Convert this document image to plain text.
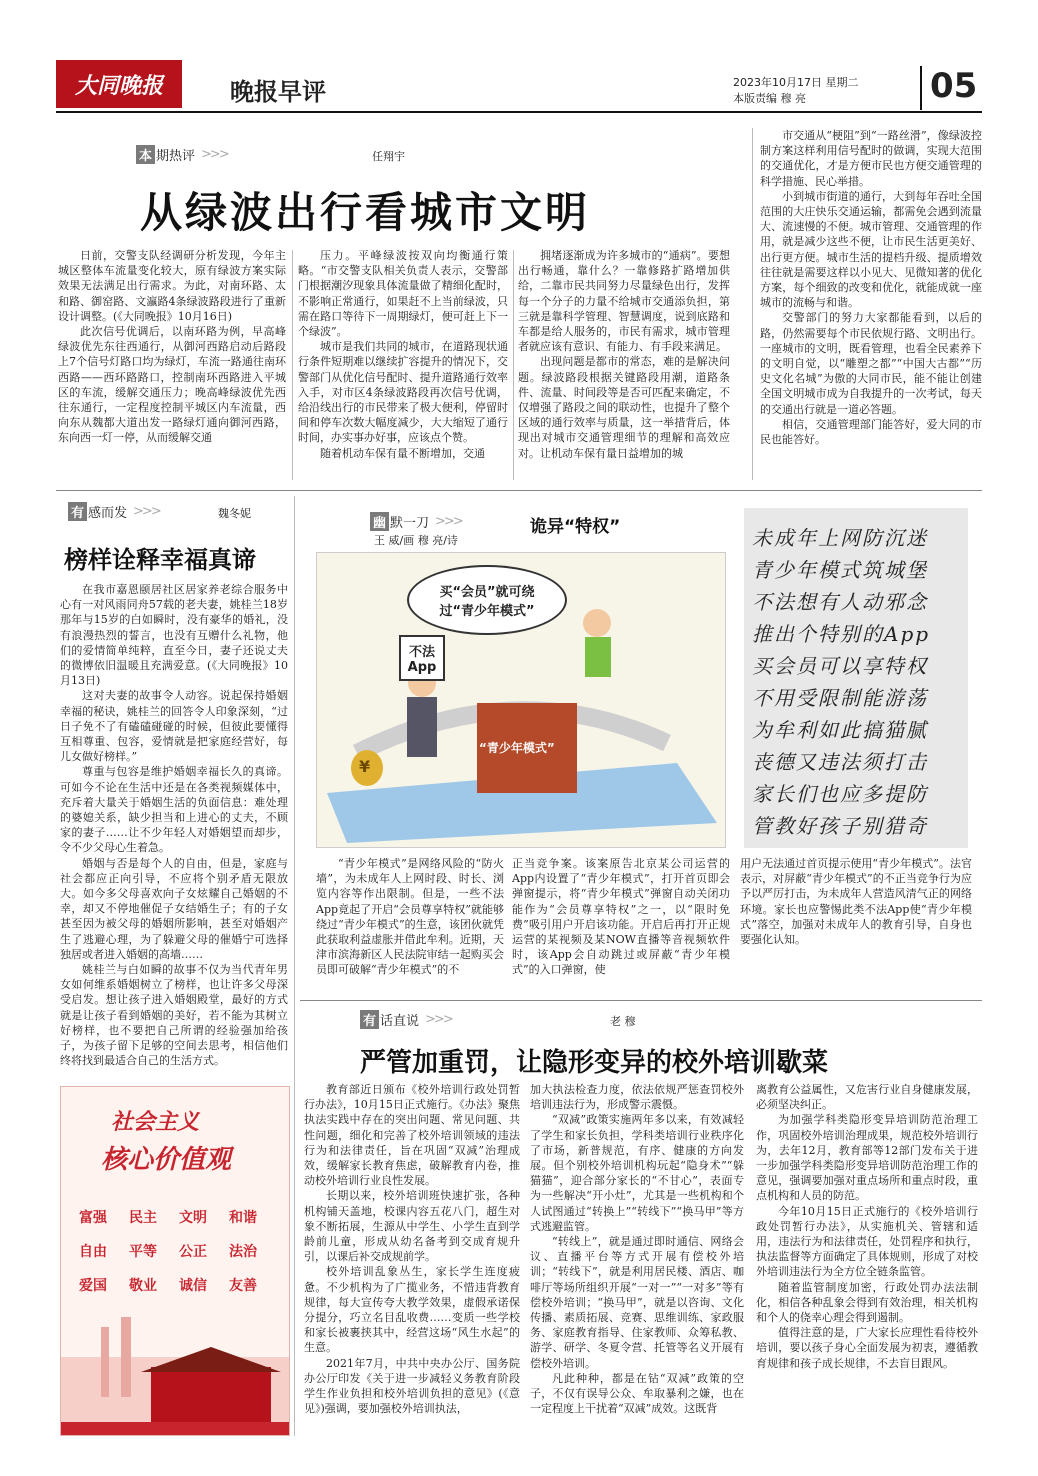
大同晚报	晚报早评	2023年10月17日 星期二
本版责编 穆 亮	05
本 期热评 >>>	任翔宇
从绿波出行看城市文明

日前，交警支队经调研分析发现，今年主城区整体车流量变化较大，原有绿波方案实际效果无法满足出行需求。为此，对南环路、太和路、御窑路、文瀛路4条绿波路段进行了重新设计调整。(《大同晚报》10月16日)

此次信号优调后，以南环路为例，早高峰绿波优先东往西通行，从御河西路启动后路段上7个信号灯路口均为绿灯，车流一路通往南环西路——西环路路口，控制南环西路进入平城区的车流，缓解交通压力；晚高峰绿波优先西往东通行，一定程度控制平城区内车流量，西向东从魏都大道出发一路绿灯通向御河西路，东向西一灯一停，从而缓解交通

压力。平峰绿波按双向均衡通行策略。“市交警支队相关负责人表示，交警部门根据潮汐现象具体流量做了精细化配时，不影响正常通行，如果赶不上当前绿波，只需在路口等待下一周期绿灯，便可赶上下一个绿波”。

城市是我们共同的城市，在道路现状通行条件短期难以继续扩容提升的情况下，交警部门从优化信号配时、提升道路通行效率入手，对市区4条绿波路段再次信号优调，给沿线出行的市民带来了极大便利，停留时间和停车次数大幅度减少，大大缩短了通行时间，办实事办好事，应该点个赞。

随着机动车保有量不断增加，交通

拥堵逐渐成为许多城市的“通病”。要想出行畅通，靠什么？一靠修路扩路增加供给，二靠市民共同努力尽量绿色出行，发挥每一个分子的力量不给城市交通添负担，第三就是靠科学管理、智慧调度，说到底路和车都是给人服务的，市民有需求，城市管理者就应该有意识、有能力、有手段来满足。

出现问题是都市的常态，难的是解决问题。绿波路段根据关键路段用潮，道路条件、流量、时间段等是否可匹配来确定，不仅增强了路段之间的联动性，也提升了整个区域的通行效率与质量，这一举措背后，体现出对城市交通管理细节的理解和高效应对。让机动车保有量日益增加的城

市交通从“梗阻”到“一路丝滑”，像绿波控制方案这样利用信号配时的做调，实现大范围的交通优化，才是方便市民也方便交通管理的科学措施、民心举措。

小到城市街道的通行，大到每年吞吐全国范围的大庄快乐交通运输，都需免会遇到流量大、流速慢的不便。城市管理、交通管理的作用，就是减少这些不便，让市民生活更美好、出行更方便。城市生活的提档升级、提质增效往往就是需要这样以小见大、见微知著的优化方案，每个细致的改变和优化，就能成就一座城市的流畅与和谐。

交警部门的努力大家都能看到，以后的路，仍然需要每个市民依规行路、文明出行。一座城市的文明，既看管理，也看全民素养下的文明自觉，以“雕塑之都”“中国大古都”“历史文化名城”为傲的大同市民，能不能让创建全国文明城市成为自我提升的一次考试，每天的交通出行就是一道必答题。

相信，交通管理部门能答好，爱大同的市民也能答好。

有 感而发 >>>	魏冬妮
榜样诠释幸福真谛

在我市嘉恩颐居社区居家养老综合服务中心有一对风雨同舟57载的老夫妻，姚桂兰18岁那年与15岁的白如瞬时，没有豪华的婚礼，没有浪漫热烈的誓言，也没有互赠什么礼物，他们的爱情简单纯粹，直至今日，妻子还说丈夫的微博依旧温暖且充满爱意。(《大同晚报》10月13日)

这对夫妻的故事令人动容。说起保持婚姻幸福的秘诀，姚桂兰的回答令人印象深刻，“过日子免不了有磕磕碰碰的时候，但彼此要懂得互相尊重、包容，爱情就是把家庭经营好，每儿女做好榜样。”

尊重与包容是维护婚姻幸福长久的真谛。可如今不论在生活中还是在各类视频媒体中，充斥着大量关于婚姻生活的负面信息：难处理的婆媳关系，缺少担当和上进心的丈夫，不顾家的妻子……让不少年轻人对婚姻望而却步，令不少父母心生着急。

婚姻与否是每个人的自由，但是，家庭与社会都应正向引导，不应将个别矛盾无限放大。如今多父母喜欢向子女炫耀自己婚姻的不幸，却又不停地催促子女结婚生子；有的子女甚至因为被父母的婚姻所影响，甚至对婚姻产生了逃避心理，为了躲避父母的催婚宁可选择独居或者进入婚姻的高墙……

姚桂兰与白如瞬的故事不仅为当代青年男女如何维系婚姻树立了榜样，也让许多父母深受启发。想让孩子进入婚姻殿堂，最好的方式就是让孩子看到婚姻的美好，若不能为其树立好榜样，也不要把自己所谓的经验强加给孩子，为孩子留下足够的空间去思考，相信他们终将找到最适合自己的生活方式。

社会主义
核心价值观
富强	民主	文明	和谐
自由	平等	公正	法治
爱国	敬业	诚信	友善
幽 默一刀 >>>
王 威/画 穆 亮/诗
诡异“特权”
买“会员”就可绕过“青少年模式”
不法App
“青少年模式”
¥
未成年上网防沉迷
青少年模式筑城堡
不法想有人动邪念
推出个特别的App
买会员可以享特权
不用受限制能游荡
为牟利如此搞猫腻
丧德又违法须打击
家长们也应多提防
管教好孩子别猎奇

“青少年模式”是网络风险的“防火墙”，为未成年人上网时段、时长、浏览内容等作出限制。但是，一些不法App竟起了开启“会员尊享特权”就能够绕过“青少年模式”的生意，该团伙就凭此获取利益虚胀并借此牟利。近期，天津市滨海新区人民法院审结一起购买会员即可破解“青少年模式”的不

正当竞争案。该案原告北京某公司运营的App内设置了“青少年模式”，打开首页即会弹窗提示，将“青少年模式”弹窗自动关闭功能作为“会员尊享特权”之一，以“限时免费”吸引用户开启该功能。开启后再打开正规运营的某视频及某NOW直播等音视频软件时，该App会自动跳过或屏蔽“青少年模式”的入口弹窗，使

用户无法通过首页提示使用“青少年模式”。法官表示，对屏蔽“青少年模式”的不正当竞争行为应予以严厉打击，为未成年人营造风清气正的网络环境。家长也应警惕此类不法App使“青少年模式”落空，加强对未成年人的教育引导，自身也要强化认知。

有 话直说 >>>	老 穆
严管加重罚，让隐形变异的校外培训歇菜

教育部近日颁布《校外培训行政处罚暂行办法》，10月15日正式施行。《办法》聚焦执法实践中存在的突出问题、常见问题、共性问题，细化和完善了校外培训领域的违法行为和法律责任，旨在巩固“双减”治理成效，缓解家长教育焦虑，破解教育内卷，推动校外培训行业良性发展。

长期以来，校外培训班快速扩张，各种机构铺天盖地，校课内容五花八门，超生对象不断拓展，生源从中学生、小学生直到学龄前儿童，形成从幼名备考到交成育规升引，以课后补交成规前学。

校外培训乱象丛生，家长学生连度疲惫。不少机构为了广揽业务，不惜违背教育规律，每大宣传夸大教学效果，虚假承诺保分提分，巧立名目乱收费……变质一些学校和家长被裹挟其中，经营这场“风生水起”的生意。

2021年7月，中共中央办公厅、国务院办公厅印发《关于进一步减轻义务教育阶段学生作业负担和校外培训负担的意见》(《意见》)强调，要加强校外培训执法，

加大执法检查力度，依法依规严惩查罚校外培训违法行为，形成警示震慑。

“双减”政策实施两年多以来，有效减轻了学生和家长负担，学科类培训行业秩序化了市场，新普规范，有序、健康的方向发展。但个别校外培训机构玩起“隐身术”“躲猫猫”，迎合部分家长的“不甘心”，表面专为一些解决“开小灶”，尤其是一些机构和个人试图通过“转换上”“转线下”“换马甲”等方式逃避监管。

“转线上”，就是通过即时通信、网络会议、直播平台等方式开展有偿校外培训；“转线下”，就是利用居民楼、酒店、咖啡厅等场所组织开展“一对一”“一对多”等有偿校外培训；“换马甲”，就是以咨询、文化传播、素质拓展、竞赛、思维训练、家政服务、家庭教育指导、住家教师、众筹私教、游学、研学、冬夏令营、托管等名义开展有偿校外培训。

凡此种种，都是在钻“双减”政策的空子，不仅有误导公众、牟取暴利之嫌，也在一定程度上干扰着“双减”成效。这既背

离教育公益属性，又危害行业自身健康发展，必须坚决纠正。

为加强学科类隐形变异培训防范治理工作，巩固校外培训治理成果，规范校外培训行为，去年12月，教育部等12部门发布关于进一步加强学科类隐形变异培训防范治理工作的意见，强调要加强对重点场所和重点时段，重点机构和人员的防范。

今年10月15日正式施行的《校外培训行政处罚暂行办法》，从实施机关、管辖和适用，违法行为和法律责任，处罚程序和执行，执法监督等方面确定了具体规则，形成了对校外培训违法行为全方位全链条监管。

随着监管制度加密，行政处罚办法法制化，相信各种乱象会得到有效治理，相关机构和个人的侥幸心理会得到遏制。

值得注意的是，广大家长应理性看待校外培训，要以孩子身心全面发展为初衷，遵循教育规律和孩子成长规律，不去盲目跟风。
